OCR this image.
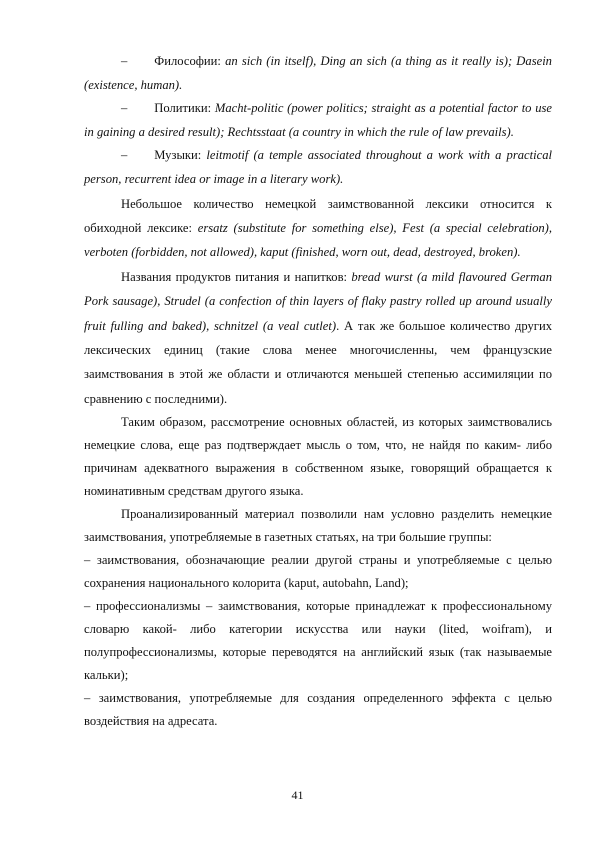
– Философии: an sich (in itself), Ding an sich (a thing as it really is); Dasein (existence, human).

– Политики: Macht-politic (power politics; straight as a potential factor to use in gaining a desired result); Rechtsstaat (a country in which the rule of law prevails).

– Музыки: leitmotif (a temple associated throughout a work with a practical person, recurrent idea or image in a literary work).

Небольшое количество немецкой заимствованной лексики относится к обиходной лексике: ersatz (substitute for something else), Fest (a special celebration), verboten (forbidden, not allowed), kaput (finished, worn out, dead, destroyed, broken).

Названия продуктов питания и напитков: bread wurst (a mild flavoured German Pork sausage), Strudel (a confection of thin layers of flaky pastry rolled up around usually fruit fulling and baked), schnitzel (a veal cutlet). А так же большое количество других лексических единиц (такие слова менее многочисленны, чем французские заимствования в этой же области и отличаются меньшей степенью ассимиляции по сравнению с последними).

Таким образом, рассмотрение основных областей, из которых заимствовались немецкие слова, еще раз подтверждает мысль о том, что, не найдя по каким- либо причинам адекватного выражения в собственном языке, говорящий обращается к номинативным средствам другого языка.

Проанализированный материал позволили нам условно разделить немецкие заимствования, употребляемые в газетных статьях, на три большие группы:

– заимствования, обозначающие реалии другой страны и употребляемые с целью сохранения национального колорита (kaput, autobahn, Land);

– профессионализмы – заимствования, которые принадлежат к профессиональному словарю какой- либо категории искусства или науки (lited, woifram), и полупрофессионализмы, которые переводятся на английский язык (так называемые кальки);

– заимствования, употребляемые для создания определенного эффекта с целью воздействия на адресата.

41
